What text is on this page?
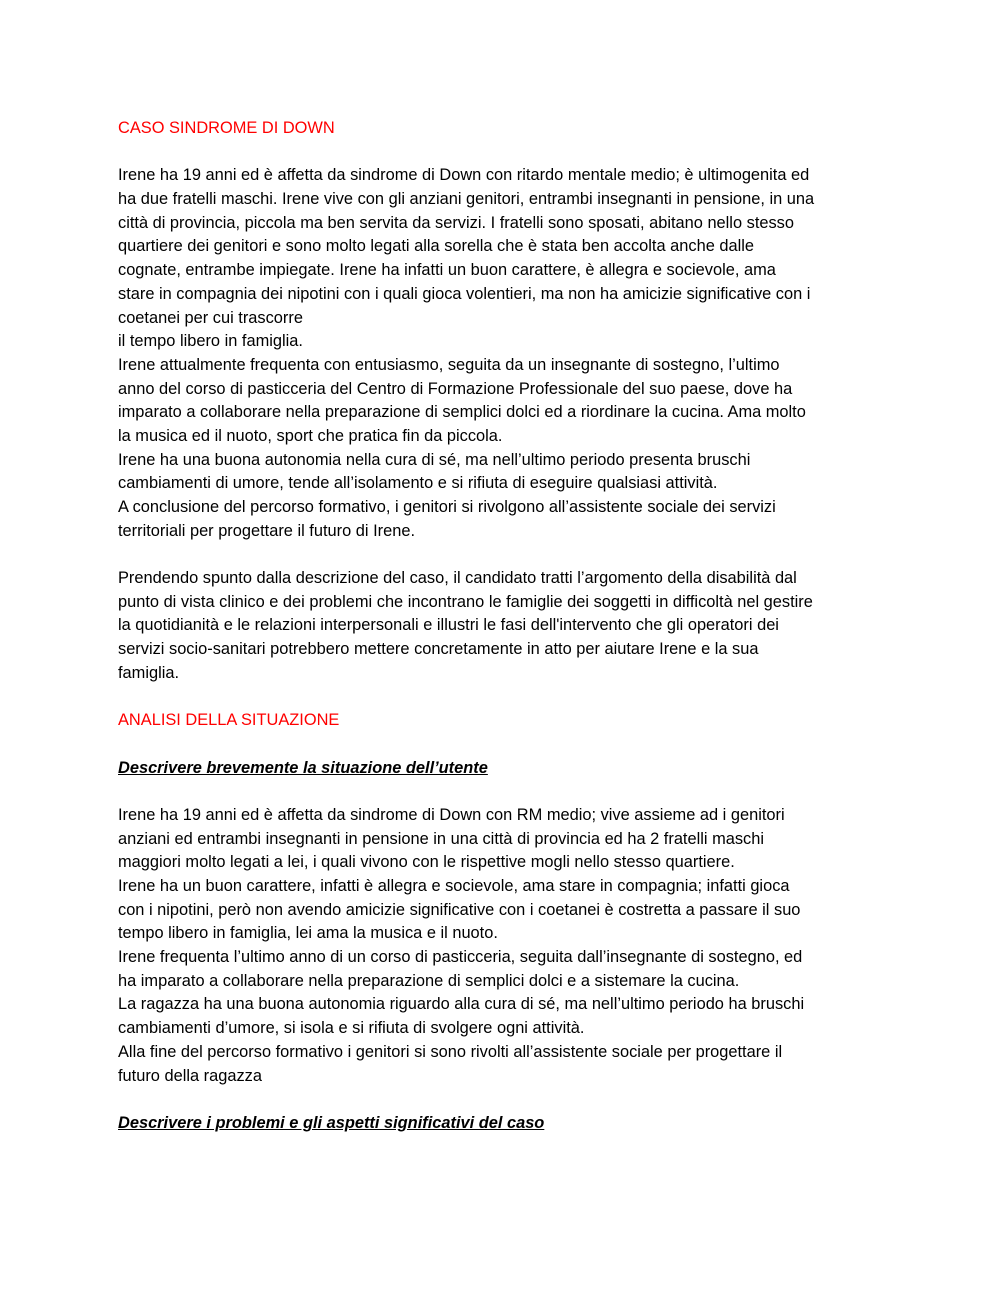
CASO SINDROME DI DOWN

Irene ha 19 anni ed è affetta da sindrome di Down con ritardo mentale medio; è ultimogenita ed

ha due fratelli maschi. Irene vive con gli anziani genitori, entrambi insegnanti in pensione, in una

città di provincia, piccola ma ben servita da servizi. I fratelli sono sposati, abitano nello stesso

quartiere dei genitori e sono molto legati alla sorella che è stata ben accolta anche dalle

cognate, entrambe impiegate. Irene ha infatti un buon carattere, è allegra e socievole, ama

stare in compagnia dei nipotini con i quali gioca volentieri, ma non ha amicizie significative con i

coetanei per cui trascorre

il tempo libero in famiglia.

Irene attualmente frequenta con entusiasmo, seguita da un insegnante di sostegno, l’ultimo

anno del corso di pasticceria del Centro di Formazione Professionale del suo paese, dove ha

imparato a collaborare nella preparazione di semplici dolci ed a riordinare la cucina. Ama molto

la musica ed il nuoto, sport che pratica fin da piccola.

Irene ha una buona autonomia nella cura di sé, ma nell’ultimo periodo presenta bruschi

cambiamenti di umore, tende all’isolamento e si rifiuta di eseguire qualsiasi attività.

A conclusione del percorso formativo, i genitori si rivolgono all’assistente sociale dei servizi

territoriali per progettare il futuro di Irene.

Prendendo spunto dalla descrizione del caso, il candidato tratti l’argomento della disabilità dal

punto di vista clinico e dei problemi che incontrano le famiglie dei soggetti in difficoltà nel gestire

la quotidianità e le relazioni interpersonali e illustri le fasi dell'intervento che gli operatori dei

servizi socio-sanitari potrebbero mettere concretamente in atto per aiutare Irene e la sua

famiglia.

ANALISI DELLA SITUAZIONE

Descrivere brevemente la situazione dell’utente

Irene ha 19 anni ed è affetta da sindrome di Down con RM medio; vive assieme ad i genitori

anziani ed entrambi insegnanti in pensione in una città di provincia ed ha 2 fratelli maschi

maggiori molto legati a lei, i quali vivono con le rispettive mogli nello stesso quartiere.

Irene ha un buon carattere, infatti è allegra e socievole, ama stare in compagnia; infatti gioca

con i nipotini, però non avendo amicizie significative con i coetanei è costretta a passare il suo

tempo libero in famiglia, lei ama la musica e il nuoto.

Irene frequenta l’ultimo anno di un corso di pasticceria, seguita dall’insegnante di sostegno, ed

ha imparato a collaborare nella preparazione di semplici dolci e a sistemare la cucina.

La ragazza ha una buona autonomia riguardo alla cura di sé, ma nell’ultimo periodo ha bruschi

cambiamenti d’umore, si isola e si rifiuta di svolgere ogni attività.

Alla fine del percorso formativo i genitori si sono rivolti all’assistente sociale per progettare il

futuro della ragazza

Descrivere i problemi e gli aspetti significativi del caso
